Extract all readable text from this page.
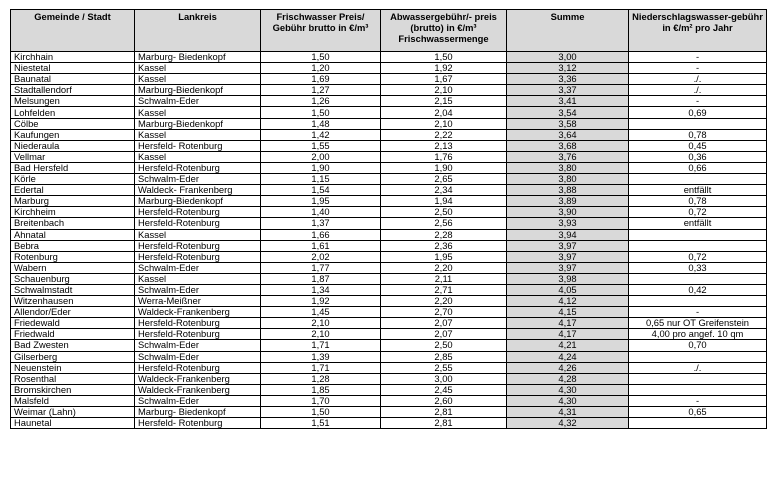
Gemeinde / Stadt	Lankreis	Frischwasser Preis/ Gebühr brutto in €/m³	Abwassergebühr/- preis (brutto) in €/m³ Frischwassermenge	Summe	Niederschlagswasser-gebühr in €/m² pro Jahr
Kirchhain	Marburg- Biedenkopf	1,50	1,50	3,00	-
Niestetal	Kassel	1,20	1,92	3,12	-
Baunatal	Kassel	1,69	1,67	3,36	./.
Stadtallendorf	Marburg-Biedenkopf	1,27	2,10	3,37	./.
Melsungen	Schwalm-Eder	1,26	2,15	3,41	-
Lohfelden	Kassel	1,50	2,04	3,54	0,69
Cölbe	Marburg-Biedenkopf	1,48	2,10	3,58	
Kaufungen	Kassel	1,42	2,22	3,64	0,78
Niederaula	Hersfeld- Rotenburg	1,55	2,13	3,68	0,45
Vellmar	Kassel	2,00	1,76	3,76	0,36
Bad Hersfeld	Hersfeld-Rotenburg	1,90	1,90	3,80	0,66
Körle	Schwalm-Eder	1,15	2,65	3,80	
Edertal	Waldeck- Frankenberg	1,54	2,34	3,88	entfällt
Marburg	Marburg-Biedenkopf	1,95	1,94	3,89	0,78
Kirchheim	Hersfeld-Rotenburg	1,40	2,50	3,90	0,72
Breitenbach	Hersfeld-Rotenburg	1,37	2,56	3,93	entfällt
Ahnatal	Kassel	1,66	2,28	3,94	
Bebra	Hersfeld-Rotenburg	1,61	2,36	3,97	
Rotenburg	Hersfeld-Rotenburg	2,02	1,95	3,97	0,72
Wabern	Schwalm-Eder	1,77	2,20	3,97	0,33
Schauenburg	Kassel	1,87	2,11	3,98	
Schwalmstadt	Schwalm-Eder	1,34	2,71	4,05	0,42
Witzenhausen	Werra-Meißner	1,92	2,20	4,12	
Allendor/Eder	Waldeck-Frankenberg	1,45	2,70	4,15	-
Friedewald	Hersfeld-Rotenburg	2,10	2,07	4,17	0,65 nur OT Greifenstein
Friedwald	Hersfeld-Rotenburg	2,10	2,07	4,17	4,00 pro angef. 10 qm
Bad Zwesten	Schwalm-Eder	1,71	2,50	4,21	0,70
Gilserberg	Schwalm-Eder	1,39	2,85	4,24	
Neuenstein	Hersfeld-Rotenburg	1,71	2,55	4,26	./.
Rosenthal	Waldeck-Frankenberg	1,28	3,00	4,28	
Bromskirchen	Waldeck-Frankenberg	1,85	2,45	4,30	
Malsfeld	Schwalm-Eder	1,70	2,60	4,30	-
Weimar (Lahn)	Marburg- Biedenkopf	1,50	2,81	4,31	0,65
Haunetal	Hersfeld- Rotenburg	1,51	2,81	4,32	
